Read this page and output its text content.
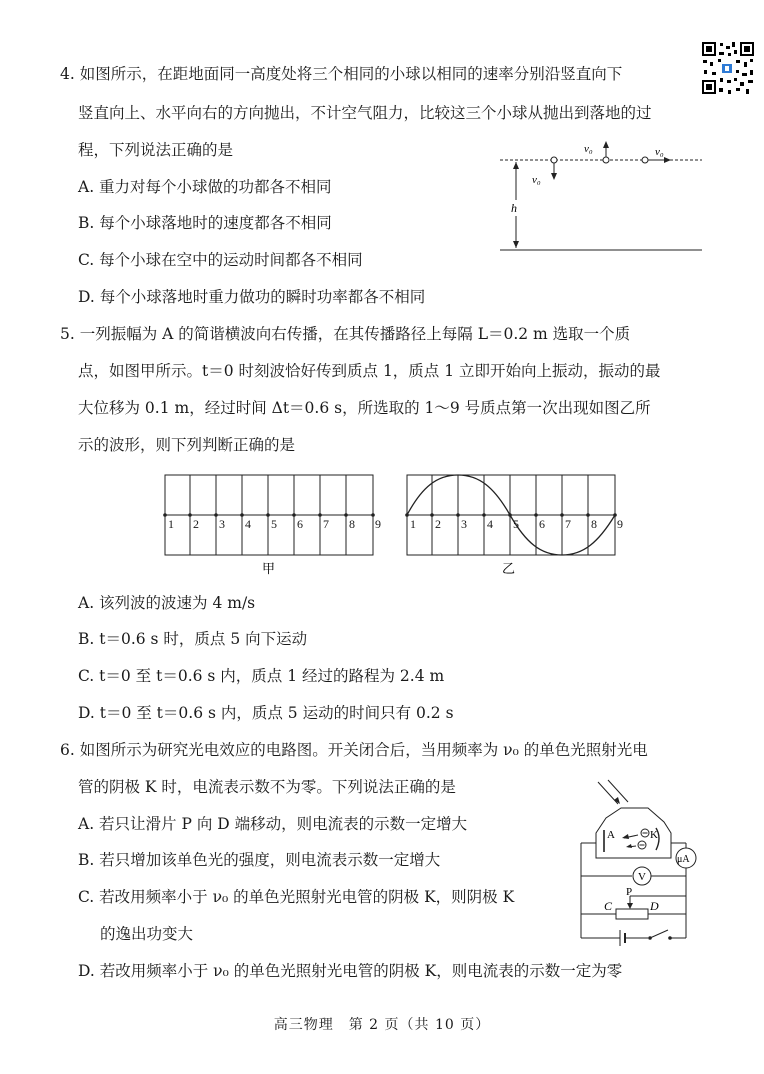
4. 如图所示，在距地面同一高度处将三个相同的小球以相同的速率分别沿竖直向下
竖直向上、水平向右的方向抛出，不计空气阻力，比较这三个小球从抛出到落地的过
程，下列说法正确的是
A. 重力对每个小球做的功都各不相同
B. 每个小球落地时的速度都各不相同
C. 每个小球在空中的运动时间都各不相同
D. 每个小球落地时重力做功的瞬时功率都各不相同
v₀	v₀
v₀
h
5. 一列振幅为 A 的简谐横波向右传播，在其传播路径上每隔 L＝0.2 m 选取一个质
点，如图甲所示。t＝0 时刻波恰好传到质点 1，质点 1 立即开始向上振动，振动的最
大位移为 0.1 m，经过时间 Δt＝0.6 s，所选取的 1～9 号质点第一次出现如图乙所
示的波形，则下列判断正确的是
1 2 3 4 5 6 7 8 9
甲
1 2 3 4 5 6 7 8 9
乙
A. 该列波的波速为 4 m/s
B. t＝0.6 s 时，质点 5 向下运动
C. t＝0 至 t＝0.6 s 内，质点 1 经过的路程为 2.4 m
D. t＝0 至 t＝0.6 s 内，质点 5 运动的时间只有 0.2 s
6. 如图所示为研究光电效应的电路图。开关闭合后，当用频率为 ν₀ 的单色光照射光电
管的阴极 K 时，电流表示数不为零。下列说法正确的是
A. 若只让滑片 P 向 D 端移动，则电流表的示数一定增大
B. 若只增加该单色光的强度，则电流表示数一定增大
C. 若改用频率小于 ν₀ 的单色光照射光电管的阴极 K，则阴极 K
的逸出功变大
D. 若改用频率小于 ν₀ 的单色光照射光电管的阴极 K，则电流表的示数一定为零
A	K
μA
V
P
C	D
高三物理　第 2 页（共 10 页）
